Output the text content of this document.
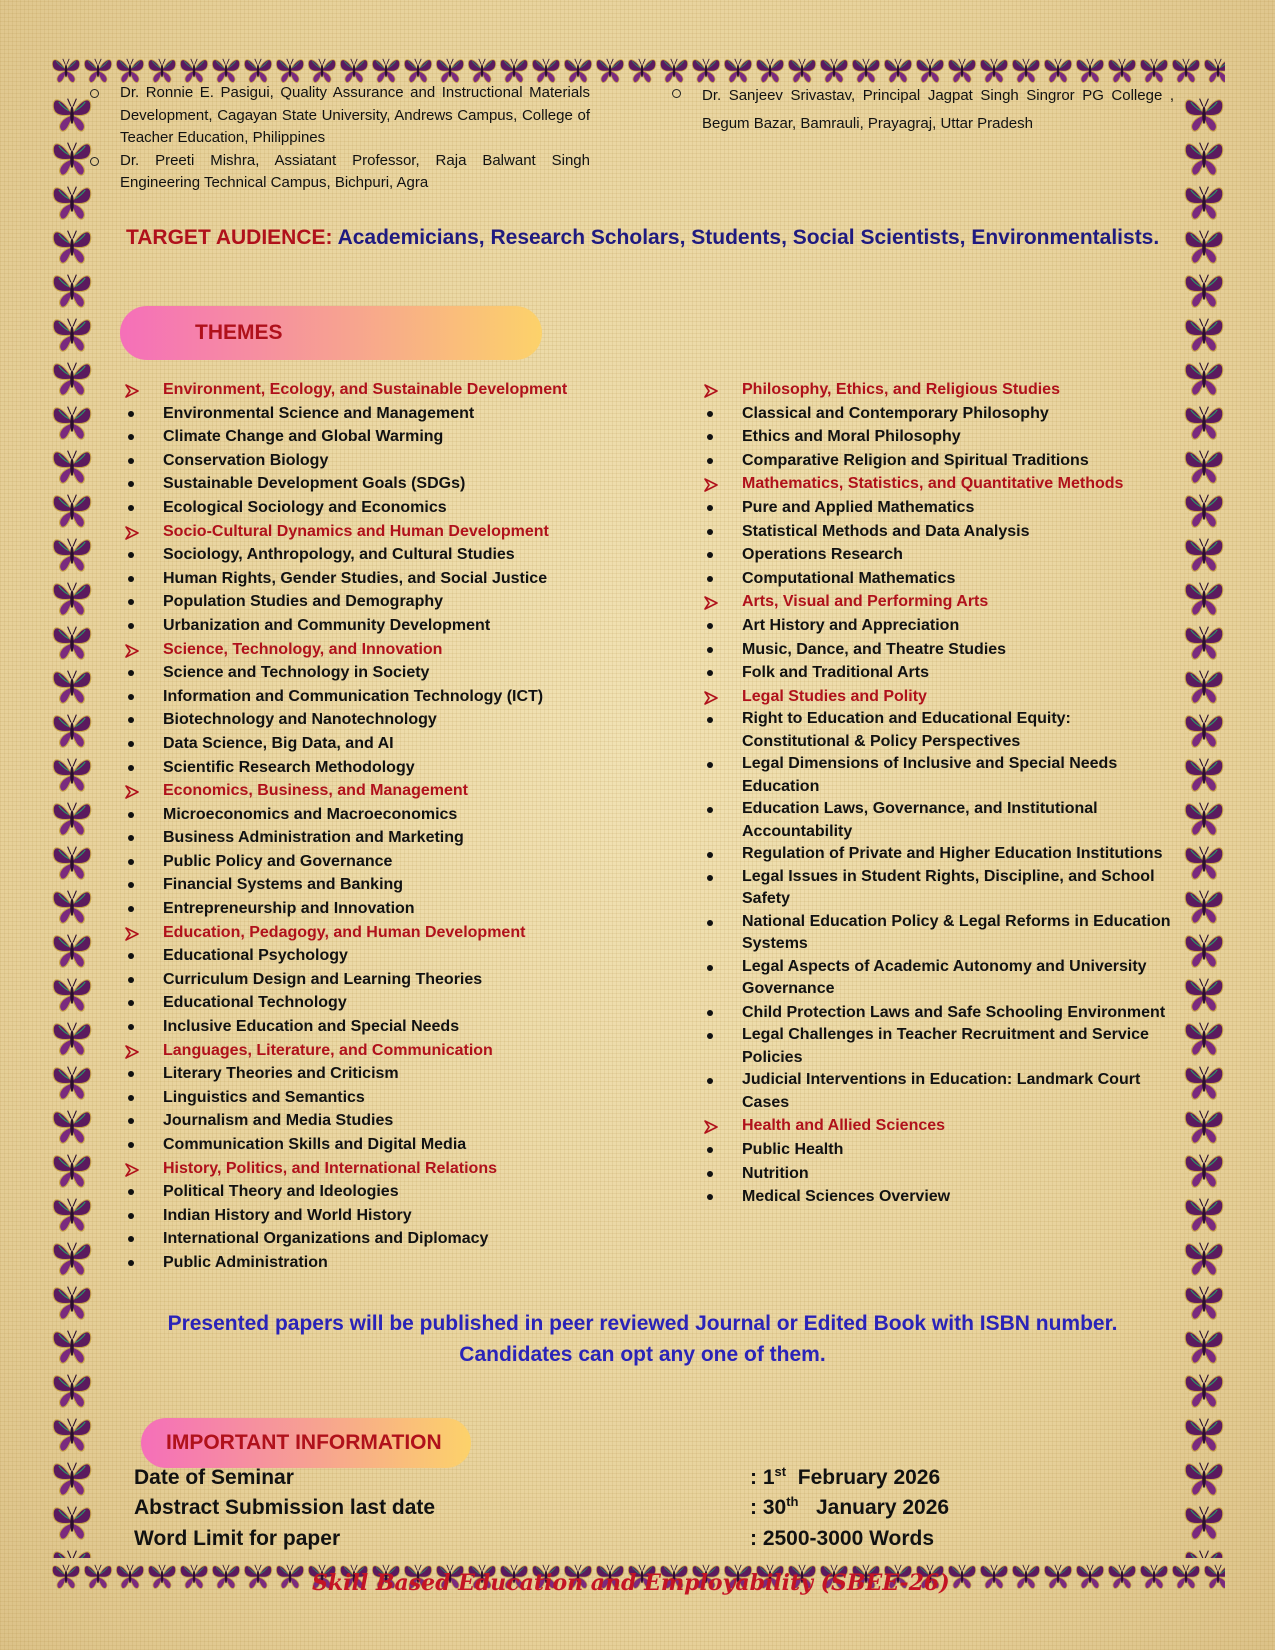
Dr. Ronnie E. Pasigui, Quality Assurance and Instructional Materials Development, Cagayan State University, Andrews Campus, College of Teacher Education, Philippines
Dr. Preeti Mishra, Assiatant Professor, Raja Balwant Singh Engineering Technical Campus, Bichpuri, Agra
Dr. Sanjeev Srivastav, Principal Jagpat Singh Singror PG College , Begum Bazar, Bamrauli, Prayagraj, Uttar Pradesh
TARGET AUDIENCE: Academicians, Research Scholars, Students, Social Scientists, Environmentalists.
THEMES
Environment, Ecology, and Sustainable Development
Environmental Science and Management
Climate Change and Global Warming
Conservation Biology
Sustainable Development Goals (SDGs)
Ecological Sociology and Economics
Socio-Cultural Dynamics and Human Development
Sociology, Anthropology, and Cultural Studies
Human Rights, Gender Studies, and Social Justice
Population Studies and Demography
Urbanization and Community Development
Science, Technology, and Innovation
Science and Technology in Society
Information and Communication Technology (ICT)
Biotechnology and Nanotechnology
Data Science, Big Data, and AI
Scientific Research Methodology
Economics, Business, and Management
Microeconomics and Macroeconomics
Business Administration and Marketing
Public Policy and Governance
Financial Systems and Banking
Entrepreneurship and Innovation
Education, Pedagogy, and Human Development
Educational Psychology
Curriculum Design and Learning Theories
Educational Technology
Inclusive Education and Special Needs
Languages, Literature, and Communication
Literary Theories and Criticism
Linguistics and Semantics
Journalism and Media Studies
Communication Skills and Digital Media
History, Politics, and International Relations
Political Theory and Ideologies
Indian History and World History
International Organizations and Diplomacy
Public Administration
Philosophy, Ethics, and Religious Studies
Classical and Contemporary Philosophy
Ethics and Moral Philosophy
Comparative Religion and Spiritual Traditions
Mathematics, Statistics, and Quantitative Methods
Pure and Applied Mathematics
Statistical Methods and Data Analysis
Operations Research
Computational Mathematics
Arts, Visual and Performing Arts
Art History and Appreciation
Music, Dance, and Theatre Studies
Folk and Traditional Arts
Legal Studies and Polity
Right to Education and Educational Equity: Constitutional & Policy Perspectives
Legal Dimensions of Inclusive and Special Needs Education
Education Laws, Governance, and Institutional Accountability
Regulation of Private and Higher Education Institutions
Legal Issues in Student Rights, Discipline, and School Safety
National Education Policy & Legal Reforms in Education Systems
Legal Aspects of Academic Autonomy and University Governance
Child Protection Laws and Safe Schooling Environment
Legal Challenges in Teacher Recruitment and Service Policies
Judicial Interventions in Education: Landmark Court Cases
Health and Allied Sciences
Public Health
Nutrition
Medical Sciences Overview
Presented papers will be published in peer reviewed Journal or Edited Book with ISBN number.
Candidates can opt any one of them.
IMPORTANT INFORMATION
Date of Seminar	: 1st  February 2026
Abstract Submission last date	: 30th   January 2026
Word Limit for paper	: 2500-3000 Words
Skill Based Education and Employability (SBEE-26)
